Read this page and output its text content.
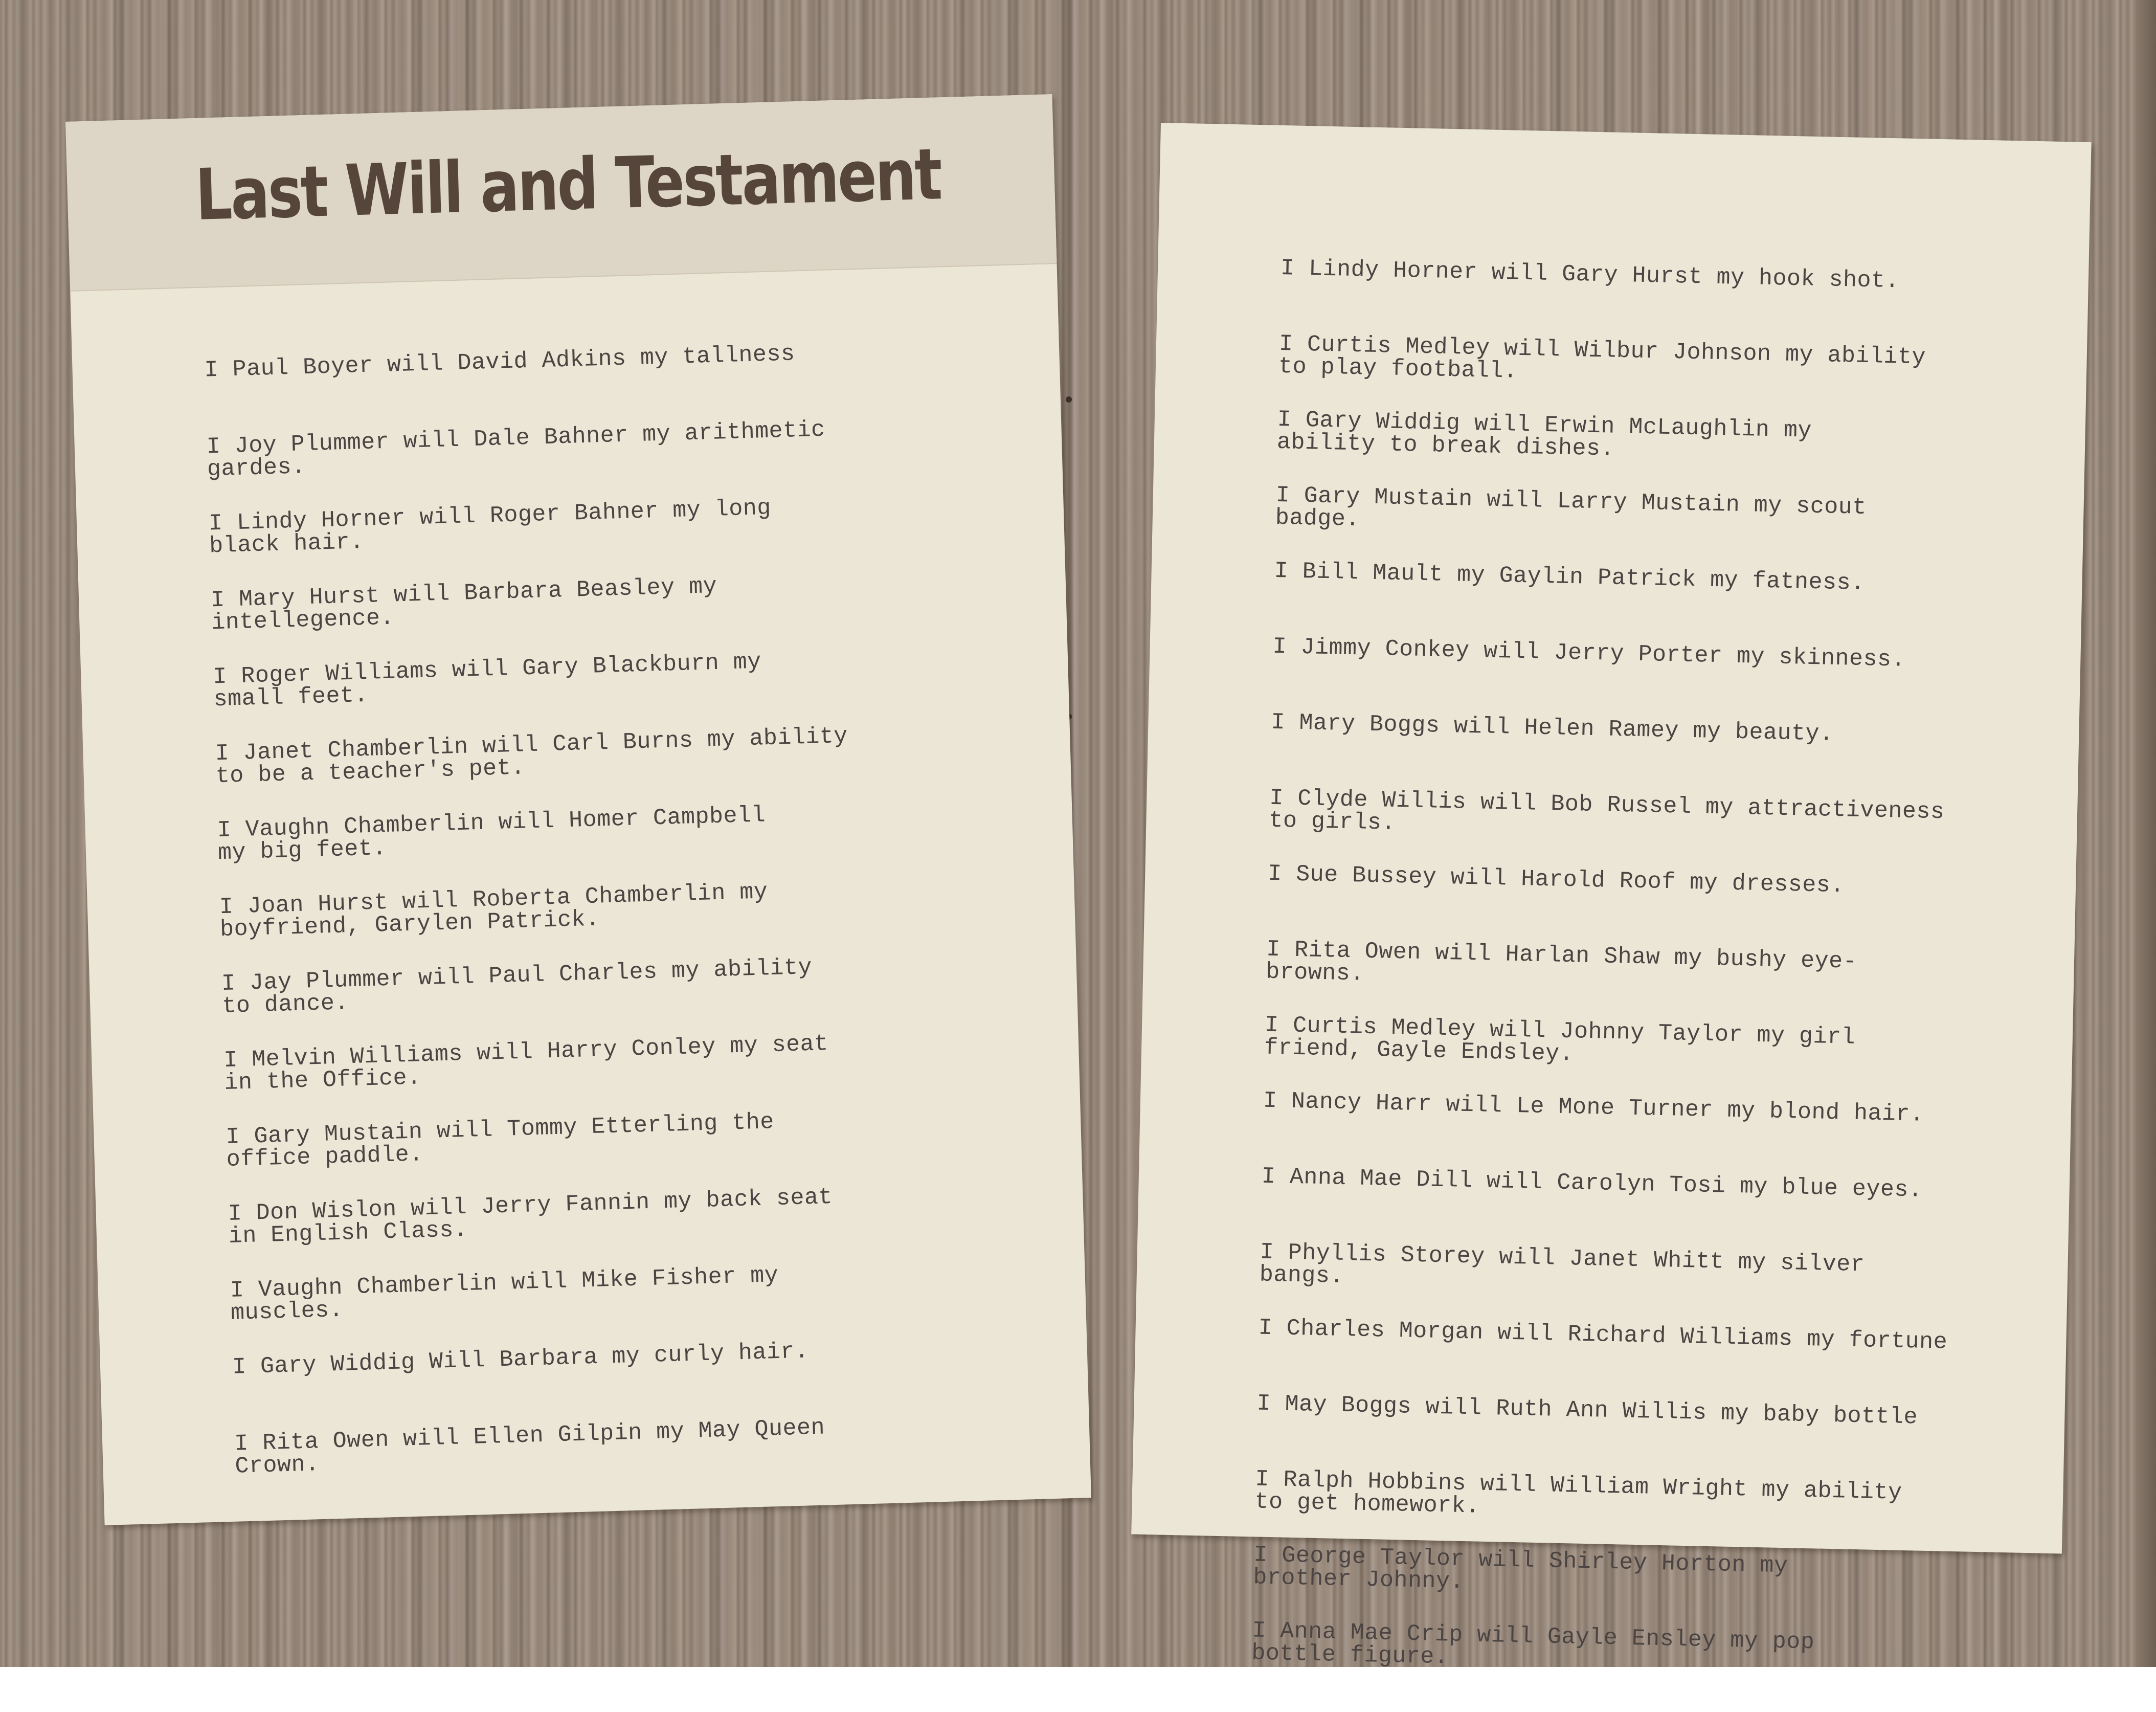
Last Will and Testament
I Paul Boyer will David Adkins my tallness
I Joy Plummer will Dale Bahner my arithmetic
gardes.
I Lindy Horner will Roger Bahner my long
black hair.
I Mary Hurst will Barbara Beasley my
intellegence.
I Roger Williams will Gary Blackburn my
small feet.
I Janet Chamberlin will Carl Burns my ability
to be a teacher's pet.
I Vaughn Chamberlin will Homer Campbell
my big feet.
I Joan Hurst will Roberta Chamberlin my
boyfriend, Garylen Patrick.
I Jay Plummer will Paul Charles my ability
to dance.
I Melvin Williams will Harry Conley my seat
in the Office.
I Gary Mustain will Tommy Etterling the
office paddle.
I Don Wislon will Jerry Fannin my back seat
in English Class.
I Vaughn Chamberlin will Mike Fisher my
muscles.
I Gary Widdig Will Barbara my curly hair.
I Rita Owen will Ellen Gilpin my May Queen
Crown.
I Lindy Horner will Gary Hurst my hook shot.
I Curtis Medley will Wilbur Johnson my ability
to play football.
I Gary Widdig will Erwin McLaughlin my
ability to break dishes.
I Gary Mustain will Larry Mustain my scout
badge.
I Bill Mault my Gaylin Patrick my fatness.
I Jimmy Conkey will Jerry Porter my skinness.
I Mary Boggs will Helen Ramey my beauty.
I Clyde Willis will Bob Russel my attractiveness
to girls.
I Sue Bussey will Harold Roof my dresses.
I Rita Owen will Harlan Shaw my bushy eye-
browns.
I Curtis Medley will Johnny Taylor my girl
friend, Gayle Endsley.
I Nancy Harr will Le Mone Turner my blond hair.
I Anna Mae Dill will Carolyn Tosi my blue eyes.
I Phyllis Storey will Janet Whitt my silver
bangs.
I Charles Morgan will Richard Williams my fortune
I May Boggs will Ruth Ann Willis my baby bottle
I Ralph Hobbins will William Wright my ability
to get homework.
I George Taylor will Shirley Horton my
brother Johnny.
I Anna Mae Crip will Gayle Ensley my pop
bottle figure.
